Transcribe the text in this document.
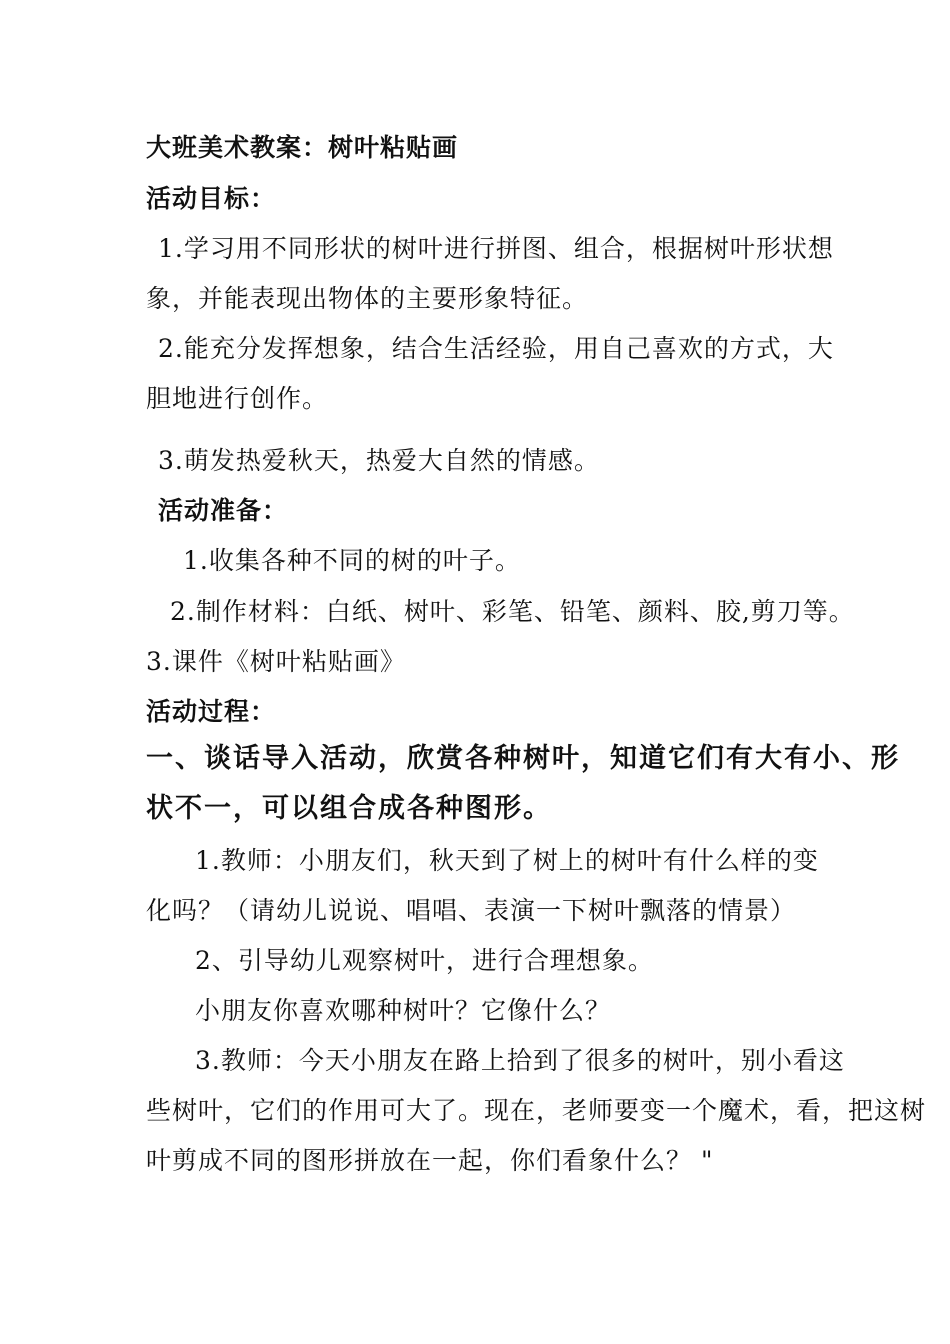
大班美术教案：树叶粘贴画
活动目标：
1.学习用不同形状的树叶进行拼图、组合，根据树叶形状想
象，并能表现出物体的主要形象特征。
2.能充分发挥想象，结合生活经验，用自己喜欢的方式，大
胆地进行创作。
3.萌发热爱秋天，热爱大自然的情感。
活动准备：
1.收集各种不同的树的叶子。
2.制作材料：白纸、树叶、彩笔、铅笔、颜料、胶,剪刀等。
3.课件《树叶粘贴画》
活动过程：
一、谈话导入活动，欣赏各种树叶，知道它们有大有小、形
状不一，可以组合成各种图形。
1.教师：小朋友们，秋天到了树上的树叶有什么样的变
化吗？（请幼儿说说、唱唱、表演一下树叶飘落的情景）
2、引导幼儿观察树叶，进行合理想象。
小朋友你喜欢哪种树叶？它像什么？
3.教师：今天小朋友在路上拾到了很多的树叶，别小看这
些树叶，它们的作用可大了。现在，老师要变一个魔术，看，把这树
叶剪成不同的图形拼放在一起，你们看象什么？ "
